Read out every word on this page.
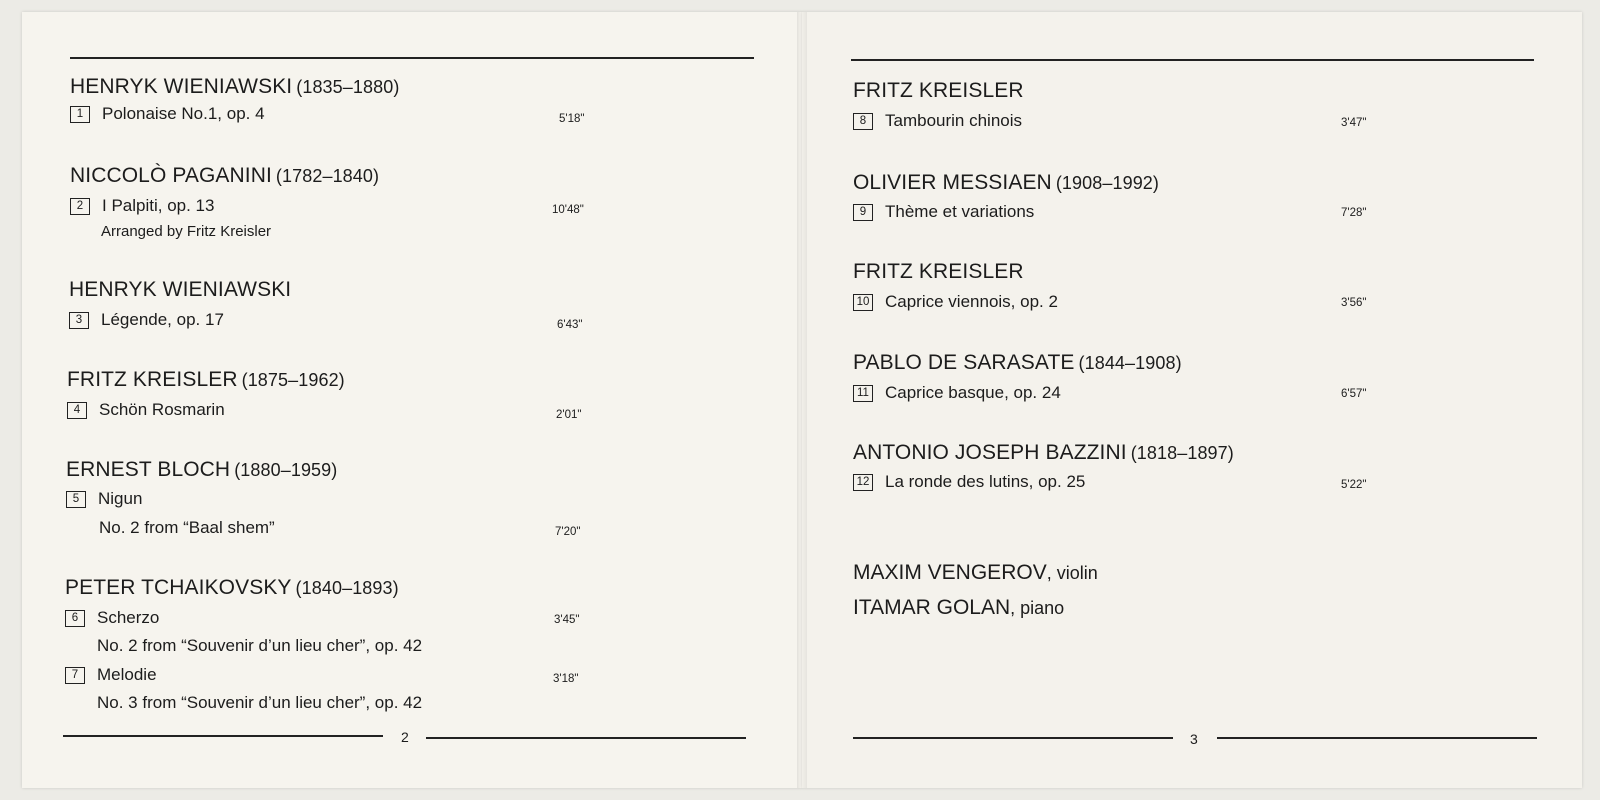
HENRYK WIENIAWSKI (1835–1880)
1	Polonaise No.1, op. 4	5'18"
NICCOLÒ PAGANINI (1782–1840)
2	I Palpiti, op. 13	10'48"
Arranged by Fritz Kreisler
HENRYK WIENIAWSKI
3	Légende, op. 17	6'43"
FRITZ KREISLER (1875–1962)
4	Schön Rosmarin	2'01"
ERNEST BLOCH (1880–1959)
5	Nigun
No. 2 from “Baal shem”	7'20"
PETER TCHAIKOVSKY (1840–1893)
6	Scherzo	3'45"
No. 2 from “Souvenir d’un lieu cher”, op. 42
7	Melodie	3'18"
No. 3 from “Souvenir d’un lieu cher”, op. 42
2
FRITZ KREISLER
8	Tambourin chinois	3'47"
OLIVIER MESSIAEN (1908–1992)
9	Thème et variations	7'28"
FRITZ KREISLER
10 Caprice viennois, op. 2	3'56"
PABLO DE SARASATE (1844–1908)
11 Caprice basque, op. 24	6'57"
ANTONIO JOSEPH BAZZINI (1818–1897)
12 La ronde des lutins, op. 25	5'22"
MAXIM VENGEROV, violin
ITAMAR GOLAN, piano
3
